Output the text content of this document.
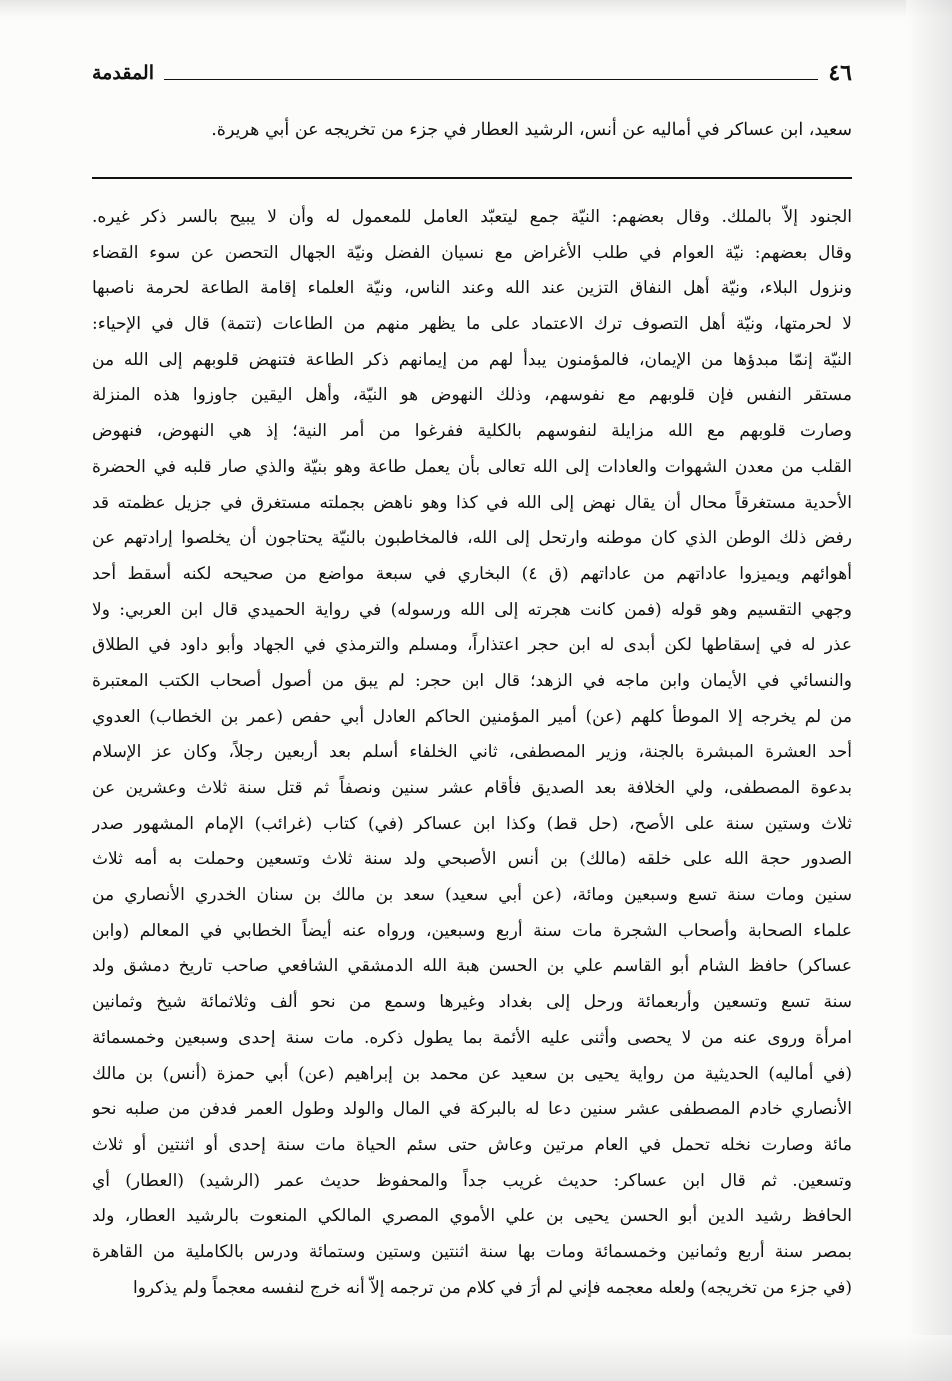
٤٦
المقدمة
سعيد، ابن عساكر في أماليه عن أنس، الرشيد العطار في جزء من تخريجه عن أبي هريرة.
الجنود إلاّ بالملك. وقال بعضهم: النيّة جمع ليتعبّد العامل للمعمول له وأن لا يبيح بالسر ذكر غيره.
وقال بعضهم: نيّة العوام في طلب الأغراض مع نسيان الفضل ونيّة الجهال التحصن عن سوء القضاء
ونزول البلاء، ونيّة أهل النفاق التزين عند الله وعند الناس، ونيّة العلماء إقامة الطاعة لحرمة ناصبها
لا لحرمتها، ونيّة أهل التصوف ترك الاعتماد على ما يظهر منهم من الطاعات (تتمة) قال في الإحياء:
النيّة إنمّا مبدؤها من الإيمان، فالمؤمنون يبدأ لهم من إيمانهم ذكر الطاعة فتنهض قلوبهم إلى الله من
مستقر النفس فإن قلوبهم مع نفوسهم، وذلك النهوض هو النيّة، وأهل اليقين جاوزوا هذه المنزلة
وصارت قلوبهم مع الله مزايلة لنفوسهم بالكلية ففرغوا من أمر النية؛ إذ هي النهوض، فنهوض
القلب من معدن الشهوات والعادات إلى الله تعالى بأن يعمل طاعة وهو بنيّة والذي صار قلبه في الحضرة
الأحدية مستغرقاً محال أن يقال نهض إلى الله في كذا وهو ناهض بجملته مستغرق في جزيل عظمته قد
رفض ذلك الوطن الذي كان موطنه وارتحل إلى الله، فالمخاطبون بالنيّة يحتاجون أن يخلصوا إرادتهم عن
أهوائهم ويميزوا عاداتهم من عاداتهم (ق ٤) البخاري في سبعة مواضع من صحيحه لكنه أسقط أحد
وجهي التقسيم وهو قوله (فمن كانت هجرته إلى الله ورسوله) في رواية الحميدي قال ابن العربي: ولا
عذر له في إسقاطها لكن أبدى له ابن حجر اعتذاراً، ومسلم والترمذي في الجهاد وأبو داود في الطلاق
والنسائي في الأيمان وابن ماجه في الزهد؛ قال ابن حجر: لم يبق من أصول أصحاب الكتب المعتبرة
من لم يخرجه إلا الموطأ كلهم (عن) أمير المؤمنين الحاكم العادل أبي حفص (عمر بن الخطاب) العدوي
أحد العشرة المبشرة بالجنة، وزير المصطفى، ثاني الخلفاء أسلم بعد أربعين رجلاً، وكان عز الإسلام
بدعوة المصطفى، ولي الخلافة بعد الصديق فأقام عشر سنين ونصفاً ثم قتل سنة ثلاث وعشرين عن
ثلاث وستين سنة على الأصح، (حل قط) وكذا ابن عساكر (في) كتاب (غرائب) الإمام المشهور صدر
الصدور حجة الله على خلقه (مالك) بن أنس الأصبحي ولد سنة ثلاث وتسعين وحملت به أمه ثلاث
سنين ومات سنة تسع وسبعين ومائة، (عن أبي سعيد) سعد بن مالك بن سنان الخدري الأنصاري من
علماء الصحابة وأصحاب الشجرة مات سنة أربع وسبعين، ورواه عنه أيضاً الخطابي في المعالم (وابن
عساكر) حافظ الشام أبو القاسم علي بن الحسن هبة الله الدمشقي الشافعي صاحب تاريخ دمشق ولد
سنة تسع وتسعين وأربعمائة ورحل إلى بغداد وغيرها وسمع من نحو ألف وثلاثمائة شيخ وثمانين
امرأة وروى عنه من لا يحصى وأثنى عليه الأئمة بما يطول ذكره. مات سنة إحدى وسبعين وخمسمائة
(في أماليه) الحديثية من رواية يحيى بن سعيد عن محمد بن إبراهيم (عن) أبي حمزة (أنس) بن مالك
الأنصاري خادم المصطفى عشر سنين دعا له بالبركة في المال والولد وطول العمر فدفن من صلبه نحو
مائة وصارت نخله تحمل في العام مرتين وعاش حتى سئم الحياة مات سنة إحدى أو اثنتين أو ثلاث
وتسعين. ثم قال ابن عساكر: حديث غريب جداً والمحفوظ حديث عمر (الرشيد) (العطار) أي
الحافظ رشيد الدين أبو الحسن يحيى بن علي الأموي المصري المالكي المنعوت بالرشيد العطار، ولد
بمصر سنة أربع وثمانين وخمسمائة ومات بها سنة اثنتين وستين وستمائة ودرس بالكاملية من القاهرة
(في جزء من تخريجه) ولعله معجمه فإني لم أرَ في كلام من ترجمه إلاّ أنه خرج لنفسه معجماً ولم يذكروا
